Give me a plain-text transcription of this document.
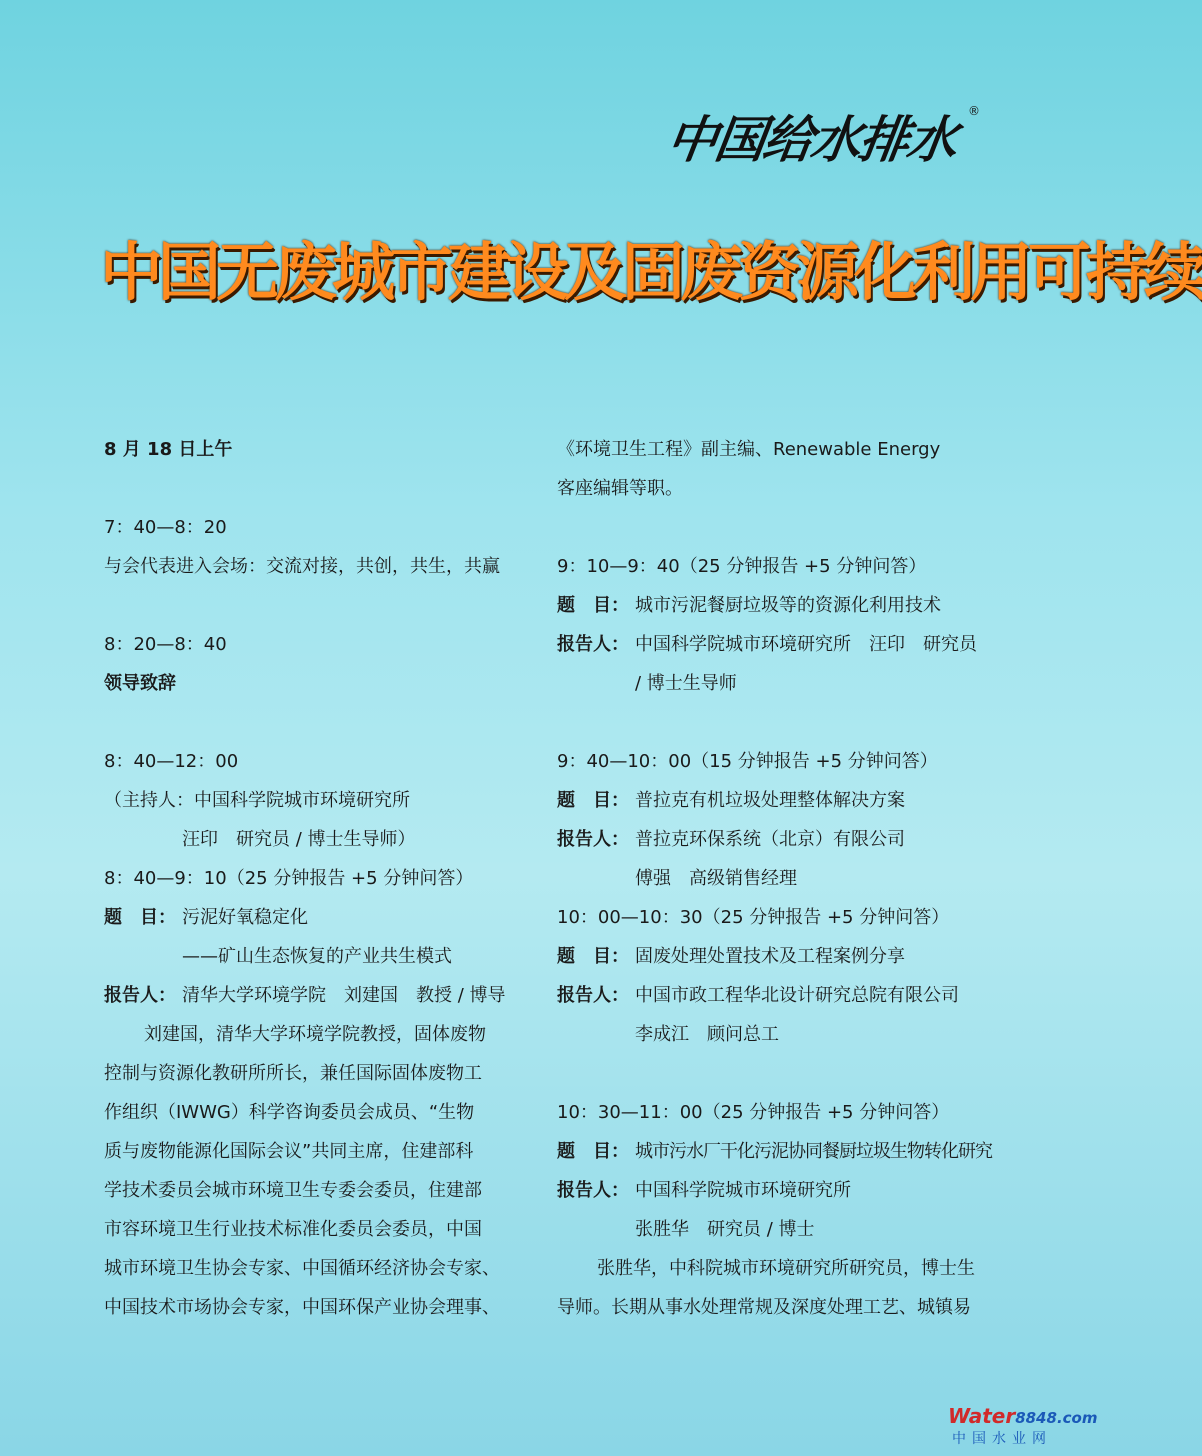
中国给水排水 ®
中国无废城市建设及固废资源化利用可持续
8 月 18 日上午
7：40—8：20
与会代表进入会场：交流对接，共创，共生，共赢
8：20—8：40
领导致辞
8：40—12：00
（主持人：中国科学院城市环境研究所
汪印　研究员 / 博士生导师）
8：40—9：10（25 分钟报告 +5 分钟问答）
题　目： 污泥好氧稳定化
——矿山生态恢复的产业共生模式
报告人： 清华大学环境学院　刘建国　教授 / 博导
刘建国，清华大学环境学院教授，固体废物
控制与资源化教研所所长，兼任国际固体废物工
作组织（IWWG）科学咨询委员会成员、“生物
质与废物能源化国际会议”共同主席，住建部科
学技术委员会城市环境卫生专委会委员，住建部
市容环境卫生行业技术标准化委员会委员，中国
城市环境卫生协会专家、中国循环经济协会专家、
中国技术市场协会专家，中国环保产业协会理事、
《环境卫生工程》副主编、Renewable Energy
客座编辑等职。
9：10—9：40（25 分钟报告 +5 分钟问答）
题　目： 城市污泥餐厨垃圾等的资源化利用技术
报告人： 中国科学院城市环境研究所　汪印　研究员
/ 博士生导师
9：40—10：00（15 分钟报告 +5 分钟问答）
题　目： 普拉克有机垃圾处理整体解决方案
报告人： 普拉克环保系统（北京）有限公司
傅强　高级销售经理
10：00—10：30（25 分钟报告 +5 分钟问答）
题　目： 固废处理处置技术及工程案例分享
报告人： 中国市政工程华北设计研究总院有限公司
李成江　顾问总工
10：30—11：00（25 分钟报告 +5 分钟问答）
题　目： 城市污水厂干化污泥协同餐厨垃圾生物转化研究
报告人： 中国科学院城市环境研究所
张胜华　研究员 / 博士
张胜华，中科院城市环境研究所研究员，博士生
导师。长期从事水处理常规及深度处理工艺、城镇易
Water8848.com
中国水业网
